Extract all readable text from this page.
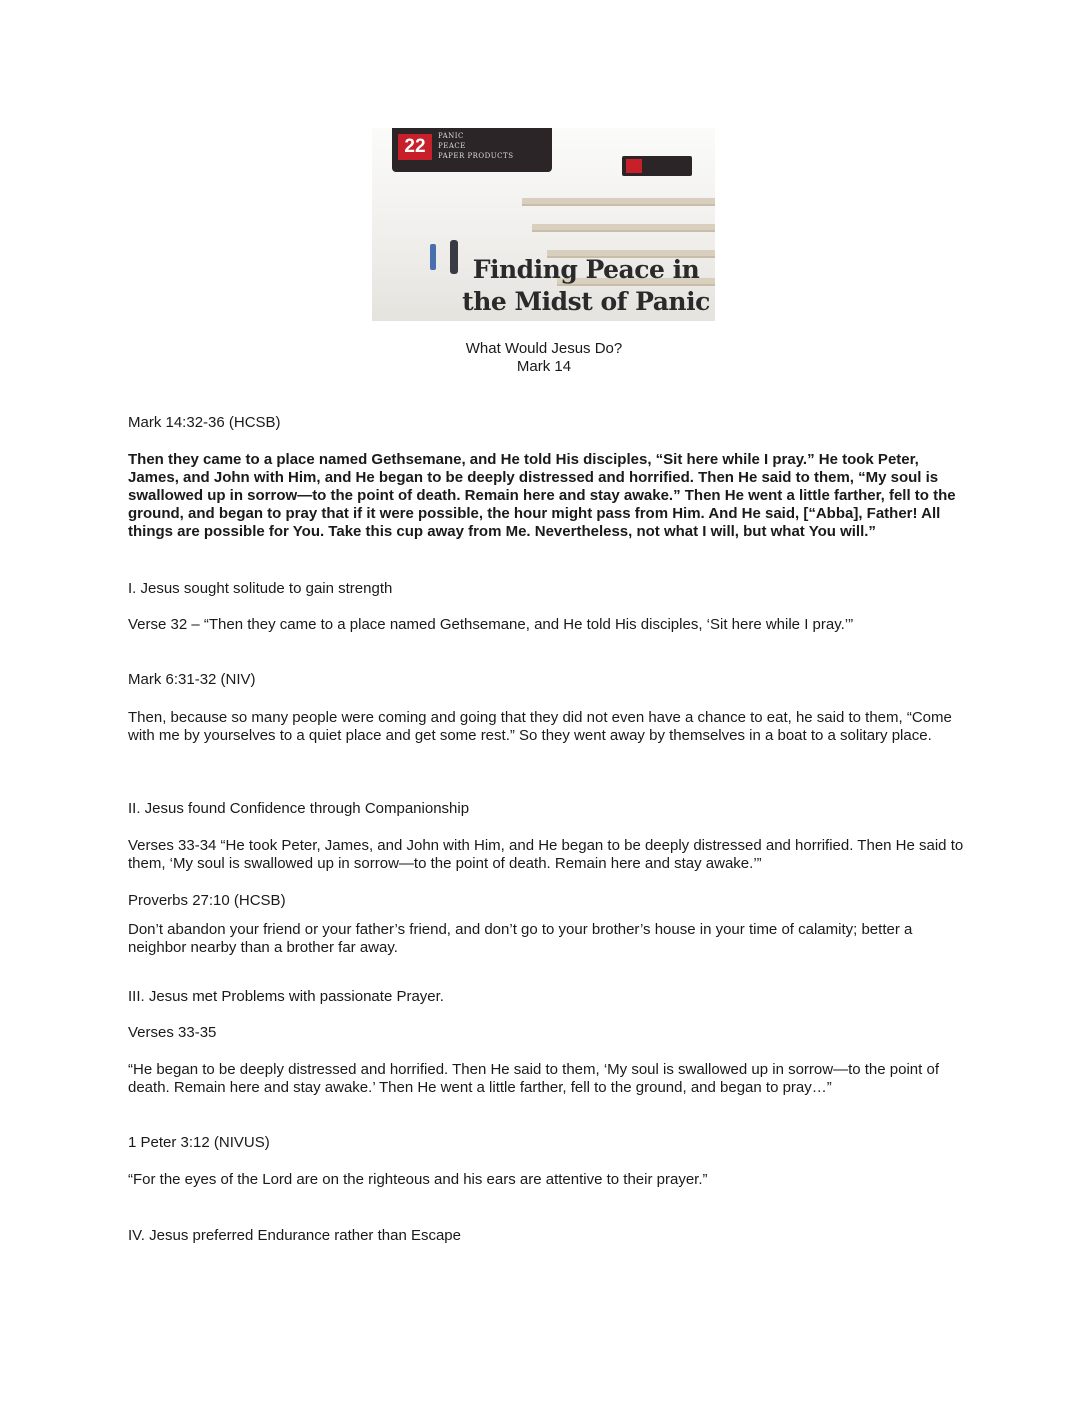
22	PANIC
PEACE
PAPER PRODUCTS
Finding Peace in
the Midst of Panic
What Would Jesus Do?
Mark 14
Mark 14:32-36 (HCSB)
Then they came to a place named Gethsemane, and He told His disciples, “Sit here while I pray.” He took Peter, James, and John with Him, and He began to be deeply distressed and horrified. Then He said to them, “My soul is swallowed up in sorrow—to the point of death. Remain here and stay awake.” Then He went a little farther, fell to the ground, and began to pray that if it were possible, the hour might pass from Him. And He said, [“Abba], Father! All things are possible for You. Take this cup away from Me. Nevertheless, not what I will, but what You will.”
I. Jesus sought solitude to gain strength
Verse 32 – “Then they came to a place named Gethsemane, and He told His disciples, ‘Sit here while I pray.’”
Mark 6:31-32 (NIV)
Then, because so many people were coming and going that they did not even have a chance to eat, he said to them, “Come with me by yourselves to a quiet place and get some rest.” So they went away by themselves in a boat to a solitary place.
II. Jesus found Confidence through Companionship
Verses 33-34 “He took Peter, James, and John with Him, and He began to be deeply distressed and horrified. Then He said to them, ‘My soul is swallowed up in sorrow—to the point of death. Remain here and stay awake.’”
Proverbs 27:10 (HCSB)
Don’t abandon your friend or your father’s friend, and don’t go to your brother’s house in your time of calamity; better a neighbor nearby than a brother far away.
III. Jesus met Problems with passionate Prayer.
Verses 33-35
“He began to be deeply distressed and horrified. Then He said to them, ‘My soul is swallowed up in sorrow—to the point of death. Remain here and stay awake.’ Then He went a little farther, fell to the ground, and began to pray…”
1 Peter 3:12 (NIVUS)
“For the eyes of the Lord are on the righteous and his ears are attentive to their prayer.”
IV. Jesus preferred Endurance rather than Escape
